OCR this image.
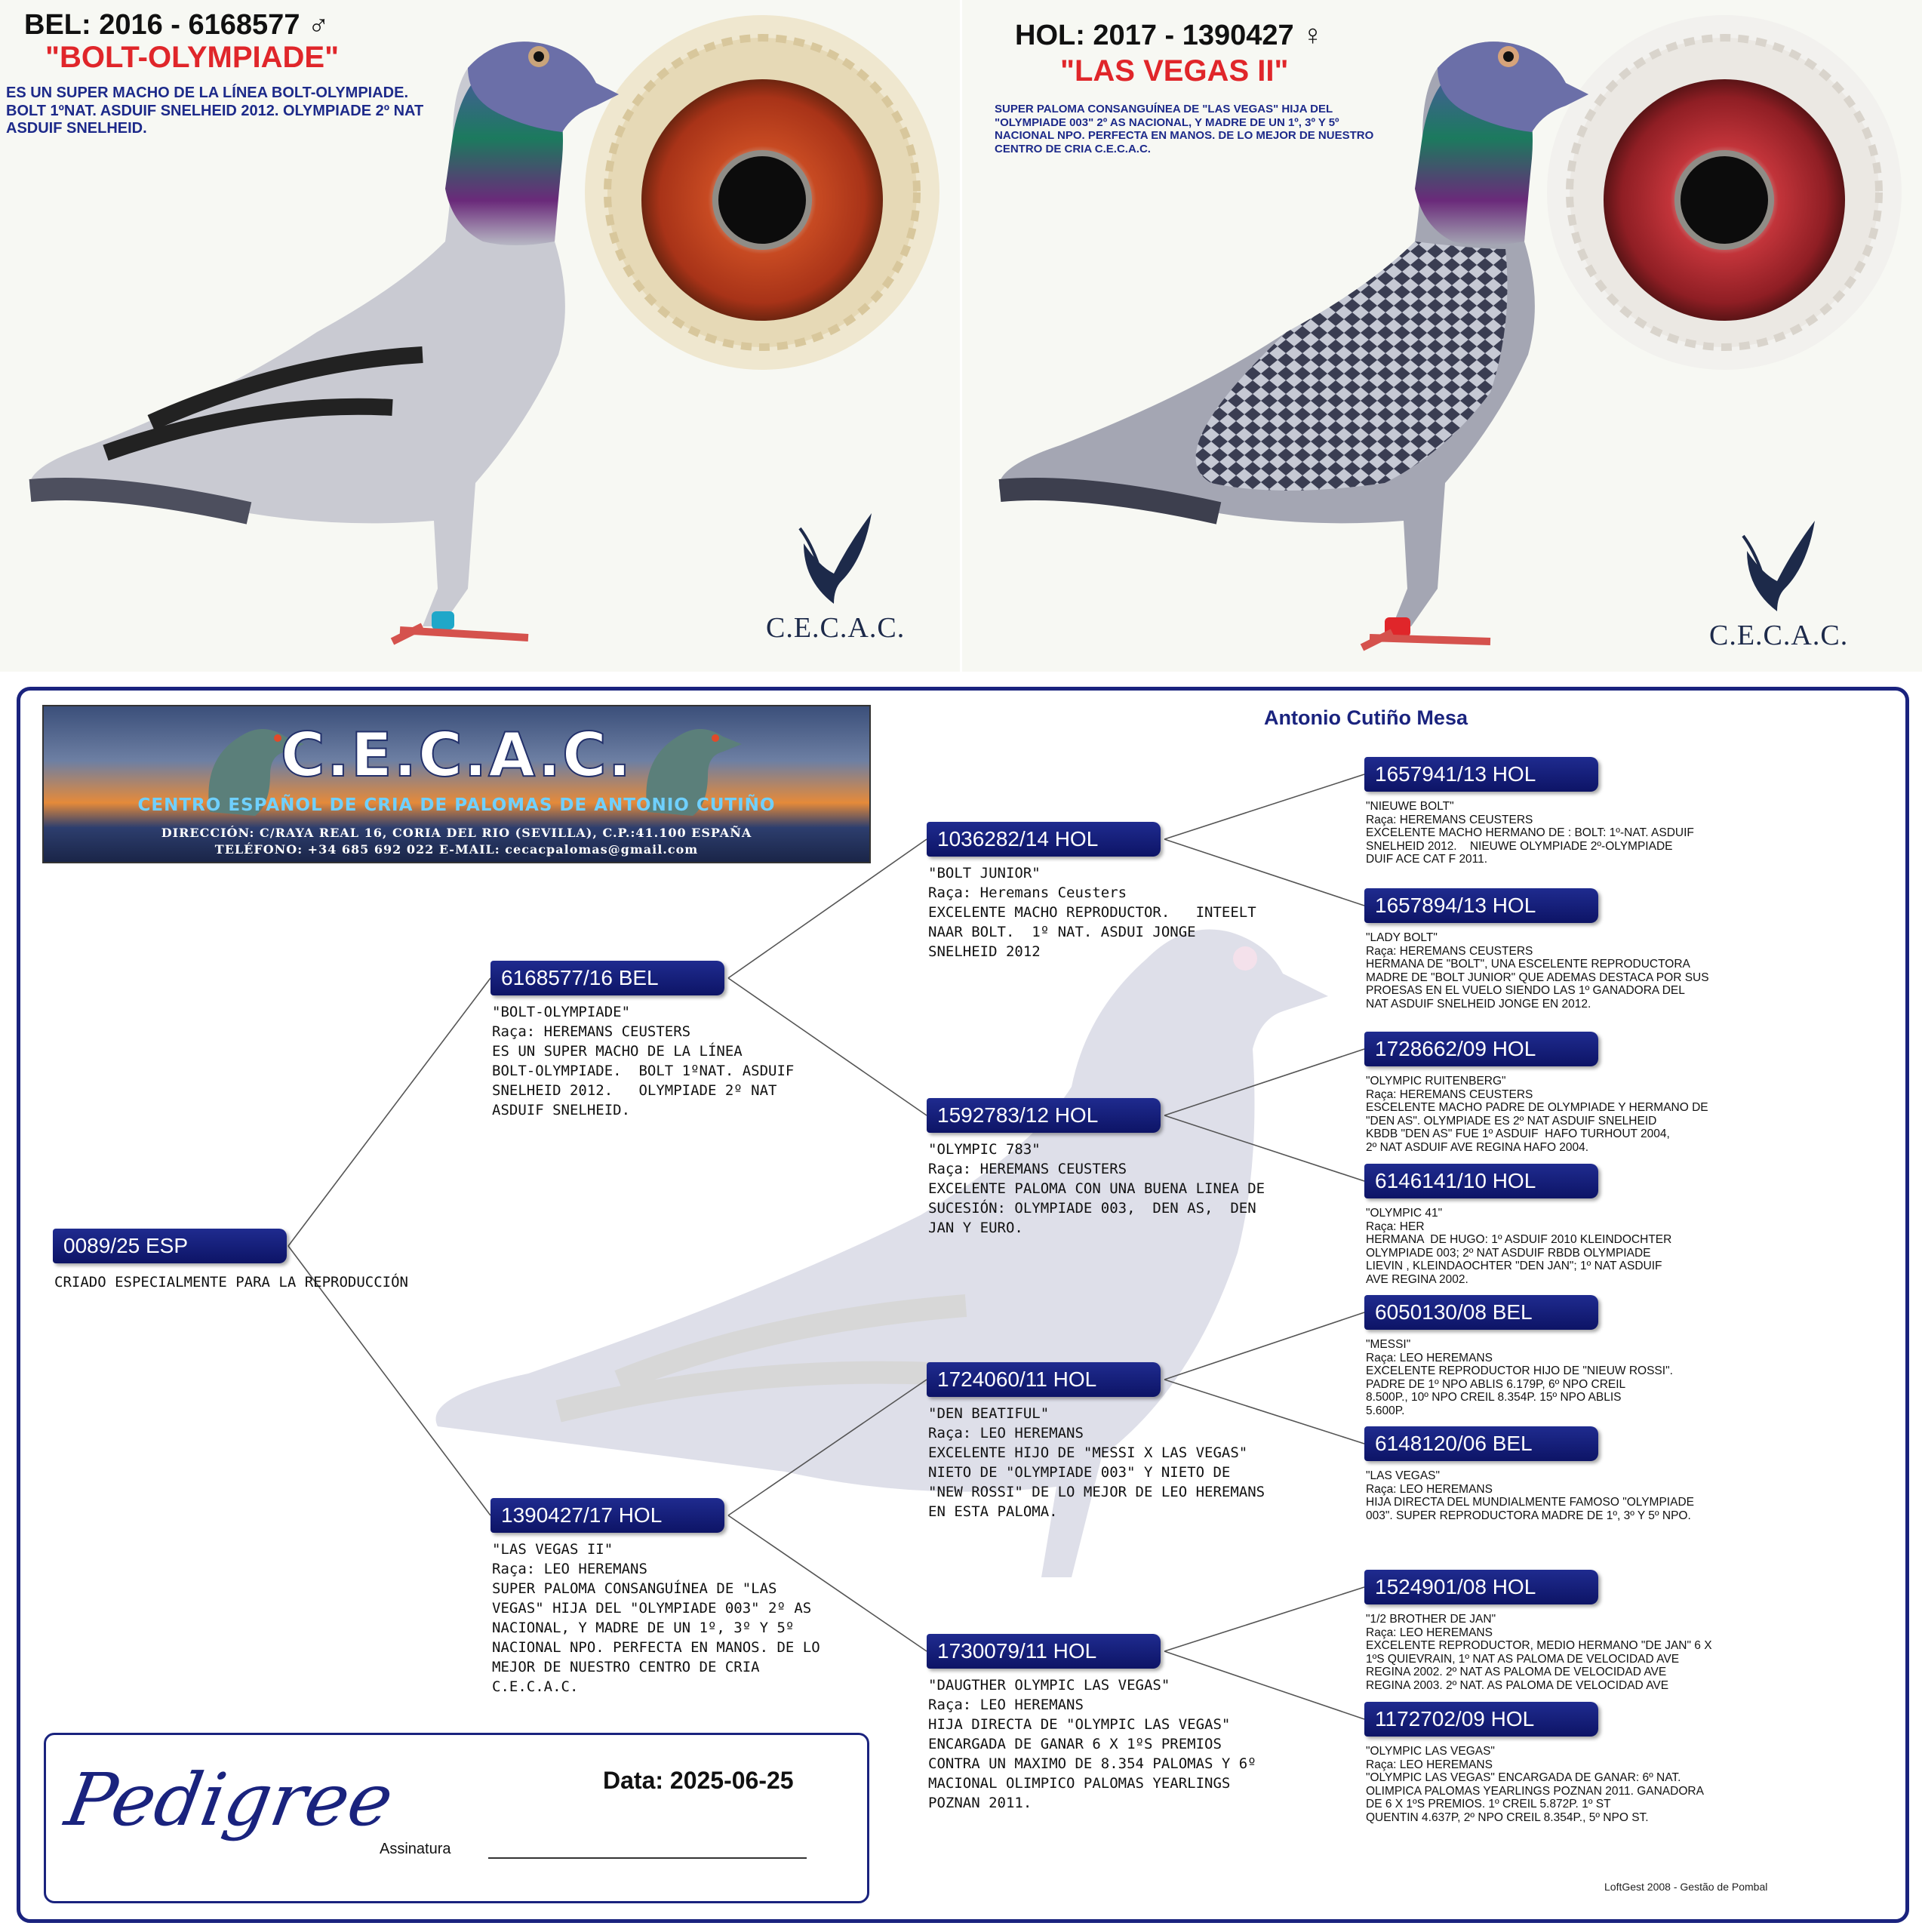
BEL: 2016 - 6168577 ♂
"BOLT-OLYMPIADE"
ES UN SUPER MACHO DE LA LÍNEA BOLT-OLYMPIADE. BOLT 1ºNAT. ASDUIF SNELHEID 2012. OLYMPIADE 2º NAT ASDUIF SNELHEID.
HOL: 2017 - 1390427 ♀
"LAS VEGAS II"
SUPER PALOMA CONSANGUÍNEA DE "LAS VEGAS" HIJA DEL "OLYMPIADE 003" 2º AS NACIONAL, Y MADRE DE UN 1º, 3º Y 5º NACIONAL NPO. PERFECTA EN MANOS. DE LO MEJOR DE NUESTRO CENTRO DE CRIA C.E.C.A.C.
C.E.C.A.C.	C.E.C.A.C.
C.E.C.A.C.
CENTRO ESPAÑOL DE CRIA DE PALOMAS DE ANTONIO CUTIÑO
DIRECCIÓN: C/RAYA REAL 16, CORIA DEL RIO (SEVILLA), C.P.:41.100 ESPAÑA
TELÉFONO: +34 685 692 022 E-MAIL: cecacpalomas@gmail.com
Antonio Cutiño Mesa
0089/25 ESP
CRIADO ESPECIALMENTE PARA LA REPRODUCCIÓN
6168577/16 BEL
"BOLT-OLYMPIADE"
Raça: HEREMANS CEUSTERS
ES UN SUPER MACHO DE LA LÍNEA
BOLT-OLYMPIADE.  BOLT 1ºNAT. ASDUIF
SNELHEID 2012.   OLYMPIADE 2º NAT
ASDUIF SNELHEID.
1390427/17 HOL
"LAS VEGAS II"
Raça: LEO HEREMANS
SUPER PALOMA CONSANGUÍNEA DE "LAS
VEGAS" HIJA DEL "OLYMPIADE 003" 2º AS
NACIONAL, Y MADRE DE UN 1º, 3º Y 5º
NACIONAL NPO. PERFECTA EN MANOS. DE LO
MEJOR DE NUESTRO CENTRO DE CRIA
C.E.C.A.C.
1036282/14 HOL
"BOLT JUNIOR"
Raça: Heremans Ceusters
EXCELENTE MACHO REPRODUCTOR.   INTEELT
NAAR BOLT.  1º NAT. ASDUI JONGE
SNELHEID 2012
1592783/12 HOL
"OLYMPIC 783"
Raça: HEREMANS CEUSTERS
EXCELENTE PALOMA CON UNA BUENA LINEA DE
SUCESIÓN: OLYMPIADE 003,  DEN AS,  DEN
JAN Y EURO.
1724060/11 HOL
"DEN BEATIFUL"
Raça: LEO HEREMANS
EXCELENTE HIJO DE "MESSI X LAS VEGAS"
NIETO DE "OLYMPIADE 003" Y NIETO DE
"NEW ROSSI" DE LO MEJOR DE LEO HEREMANS
EN ESTA PALOMA.
1730079/11 HOL
"DAUGTHER OLYMPIC LAS VEGAS"
Raça: LEO HEREMANS
HIJA DIRECTA DE "OLYMPIC LAS VEGAS"
ENCARGADA DE GANAR 6 X 1ºS PREMIOS
CONTRA UN MAXIMO DE 8.354 PALOMAS Y 6º
MACIONAL OLIMPICO PALOMAS YEARLINGS
POZNAN 2011.
1657941/13 HOL
"NIEUWE BOLT"
Raça: HEREMANS CEUSTERS
EXCELENTE MACHO HERMANO DE : BOLT: 1º-NAT. ASDUIF
SNELHEID 2012.    NIEUWE OLYMPIADE 2º-OLYMPIADE
DUIF ACE CAT F 2011.
1657894/13 HOL
"LADY BOLT"
Raça: HEREMANS CEUSTERS
HERMANA DE "BOLT", UNA ESCELENTE REPRODUCTORA
MADRE DE "BOLT JUNIOR" QUE ADEMAS DESTACA POR SUS
PROESAS EN EL VUELO SIENDO LAS 1º GANADORA DEL
NAT ASDUIF SNELHEID JONGE EN 2012.
1728662/09 HOL
"OLYMPIC RUITENBERG"
Raça: HEREMANS CEUSTERS
ESCELENTE MACHO PADRE DE OLYMPIADE Y HERMANO DE
"DEN AS". OLYMPIADE ES 2º NAT ASDUIF SNELHEID
KBDB "DEN AS" FUE 1º ASDUIF  HAFO TURHOUT 2004,
2º NAT ASDUIF AVE REGINA HAFO 2004.
6146141/10 HOL
"OLYMPIC 41"
Raça: HER
HERMANA  DE HUGO: 1º ASDUIF 2010 KLEINDOCHTER
OLYMPIADE 003; 2º NAT ASDUIF RBDB OLYMPIADE
LIEVIN , KLEINDAOCHTER "DEN JAN"; 1º NAT ASDUIF
AVE REGINA 2002.
6050130/08 BEL
"MESSI"
Raça: LEO HEREMANS
EXCELENTE REPRODUCTOR HIJO DE "NIEUW ROSSI".
PADRE DE 1º NPO ABLIS 6.179P, 6º NPO CREIL
8.500P., 10º NPO CREIL 8.354P. 15º NPO ABLIS
5.600P.
6148120/06 BEL
"LAS VEGAS"
Raça: LEO HEREMANS
HIJA DIRECTA DEL MUNDIALMENTE FAMOSO "OLYMPIADE
003". SUPER REPRODUCTORA MADRE DE 1º, 3º Y 5º NPO.
1524901/08 HOL
"1/2 BROTHER DE JAN"
Raça: LEO HEREMANS
EXCELENTE REPRODUCTOR, MEDIO HERMANO "DE JAN" 6 X
1ºS QUIEVRAIN, 1º NAT AS PALOMA DE VELOCIDAD AVE
REGINA 2002. 2º NAT AS PALOMA DE VELOCIDAD AVE
REGINA 2003. 2º NAT. AS PALOMA DE VELOCIDAD AVE
1172702/09 HOL
"OLYMPIC LAS VEGAS"
Raça: LEO HEREMANS
"OLYMPIC LAS VEGAS" ENCARGADA DE GANAR: 6º NAT.
OLIMPICA PALOMAS YEARLINGS POZNAN 2011. GANADORA
DE 6 X 1ºS PREMIOS. 1º CREIL 5.872P. 1º ST
QUENTIN 4.637P, 2º NPO CREIL 8.354P., 5º NPO ST.
Pedigree	Data: 2025-06-25
Assinatura
LoftGest 2008 - Gestão de Pombal
